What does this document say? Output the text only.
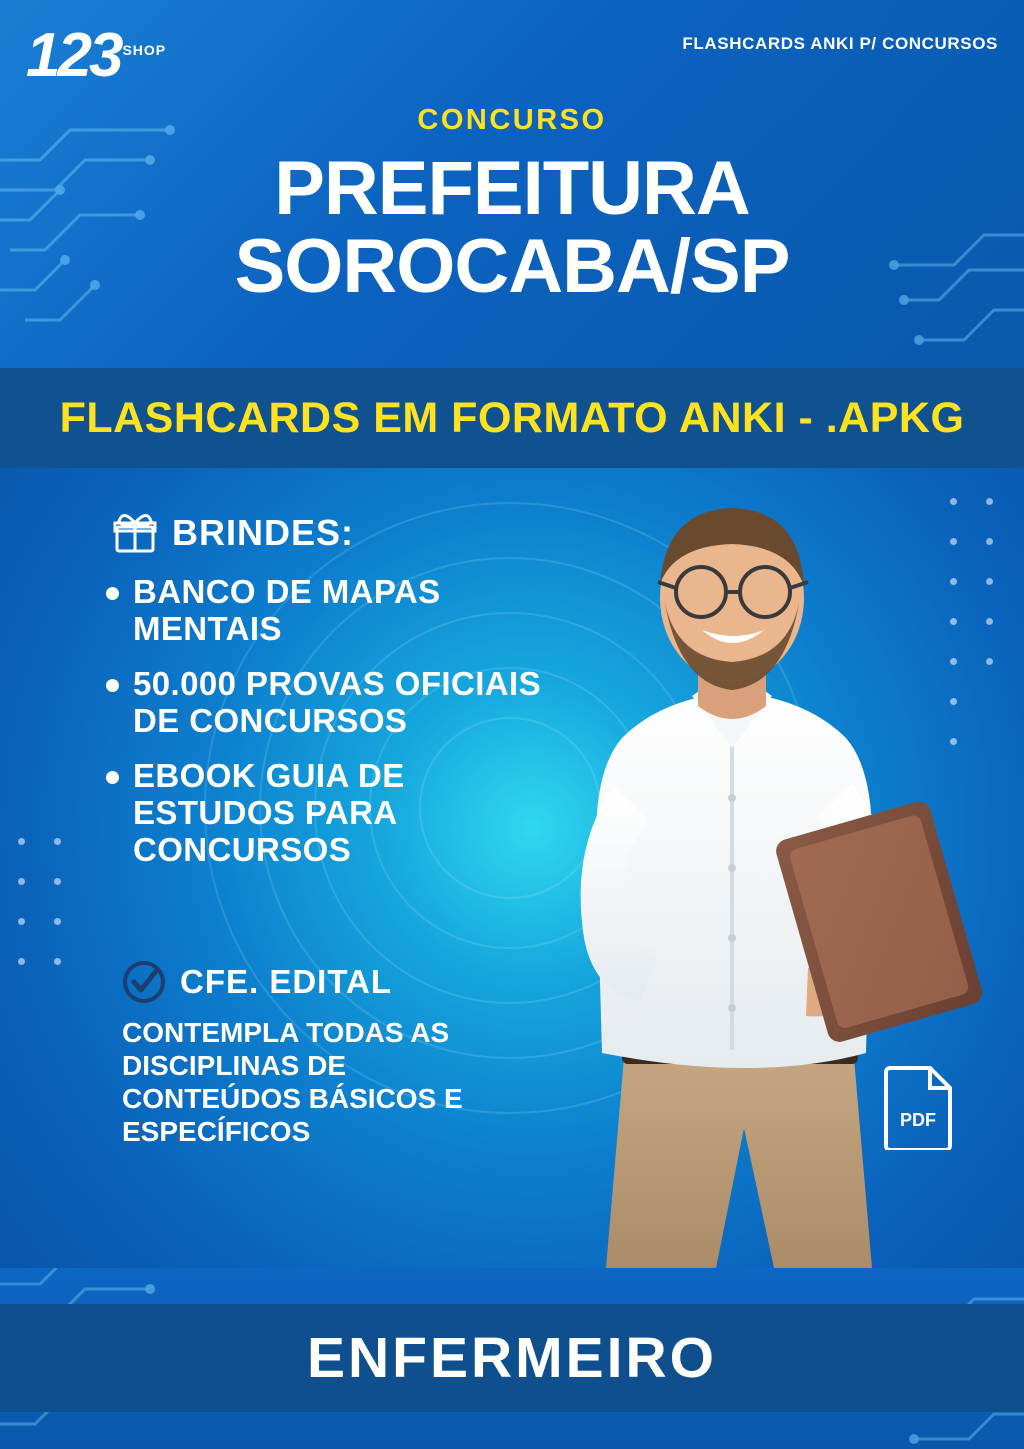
123 SHOP	FLASHCARDS ANKI P/ CONCURSOS
CONCURSO
PREFEITURA
SOROCABA/SP
FLASHCARDS EM FORMATO ANKI - .APKG
BRINDES:
BANCO DE MAPAS MENTAIS
50.000 PROVAS OFICIAIS DE CONCURSOS
EBOOK GUIA DE ESTUDOS PARA CONCURSOS
CFE. EDITAL
CONTEMPLA TODAS AS DISCIPLINAS DE CONTEÚDOS BÁSICOS E ESPECÍFICOS	PDF
ENFERMEIRO
